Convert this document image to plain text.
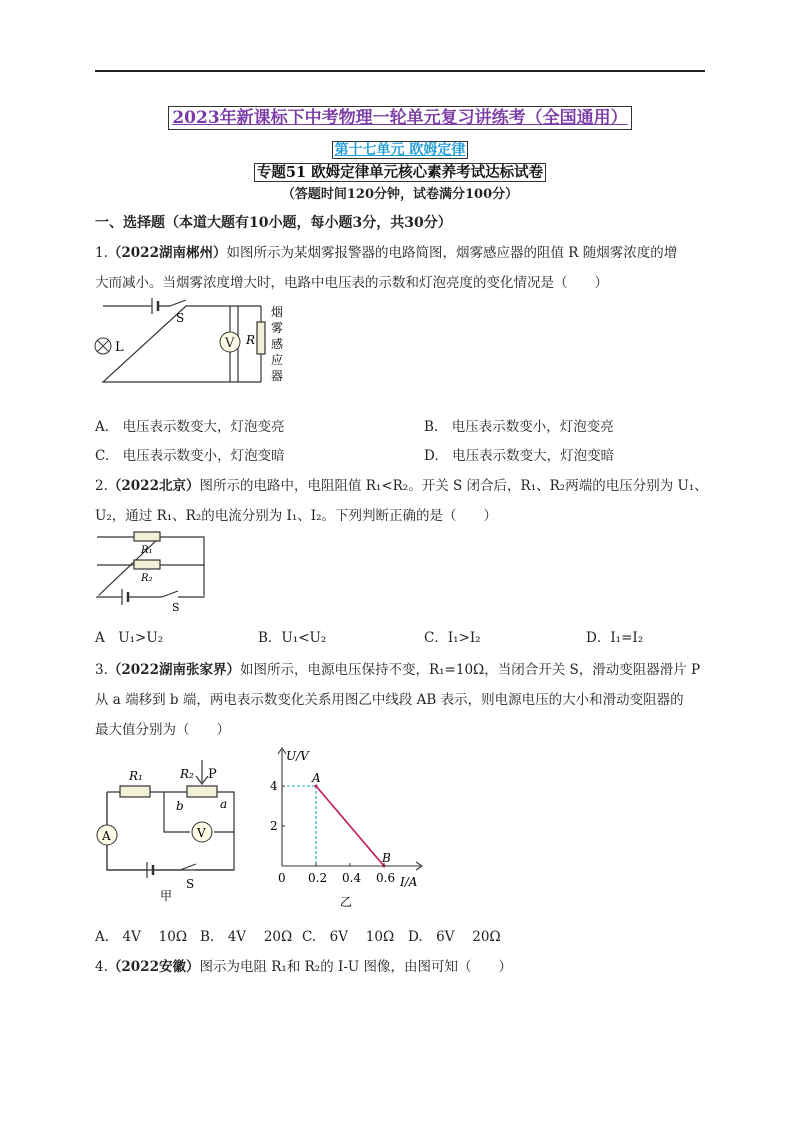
2023年新课标下中考物理一轮单元复习讲练考（全国通用）
第十七单元 欧姆定律
专题51 欧姆定律单元核心素养考试达标试卷
（答题时间120分钟，试卷满分100分）
一、选择题（本道大题有10小题，每小题3分，共30分）
1.（2022湖南郴州）如图所示为某烟雾报警器的电路简图，烟雾感应器的阻值 R 随烟雾浓度的增
大而减小。当烟雾浓度增大时，电路中电压表的示数和灯泡亮度的变化情况是（　　）
V
L
S
R
烟
雾
感
应
器
A.　电压表示数变大，灯泡变亮	B.　电压表示数变小，灯泡变亮
C.　电压表示数变小，灯泡变暗	D.　电压表示数变大，灯泡变暗
2.（2022北京）图所示的电路中，电阻阻值 R₁<R₂。开关 S 闭合后，R₁、R₂两端的电压分别为 U₁、
U₂，通过 R₁、R₂的电流分别为 I₁、I₂。下列判断正确的是（　　）
R₁
R₂
S
A　U₁>U₂	B．U₁<U₂	C．I₁>I₂	D．I₁=I₂
3.（2022湖南张家界）如图所示，电源电压保持不变，R₁=10Ω，当闭合开关 S，滑动变阻器滑片 P
从 a 端移到 b 端，两电表示数变化关系用图乙中线段 AB 表示，则电源电压的大小和滑动变阻器的
最大值分别为（　　）
A	V
R₁	R₂ P
b	a
S
甲
A
B
0 0.2 0.4 0.6
4
2
U/V
I/A
乙
A.　4V　 10Ω B.　4V　 20Ω C.　6V　 10Ω D.　6V　 20Ω
4.（2022安徽）图示为电阻 R₁和 R₂的 I-U 图像，由图可知（　　）
